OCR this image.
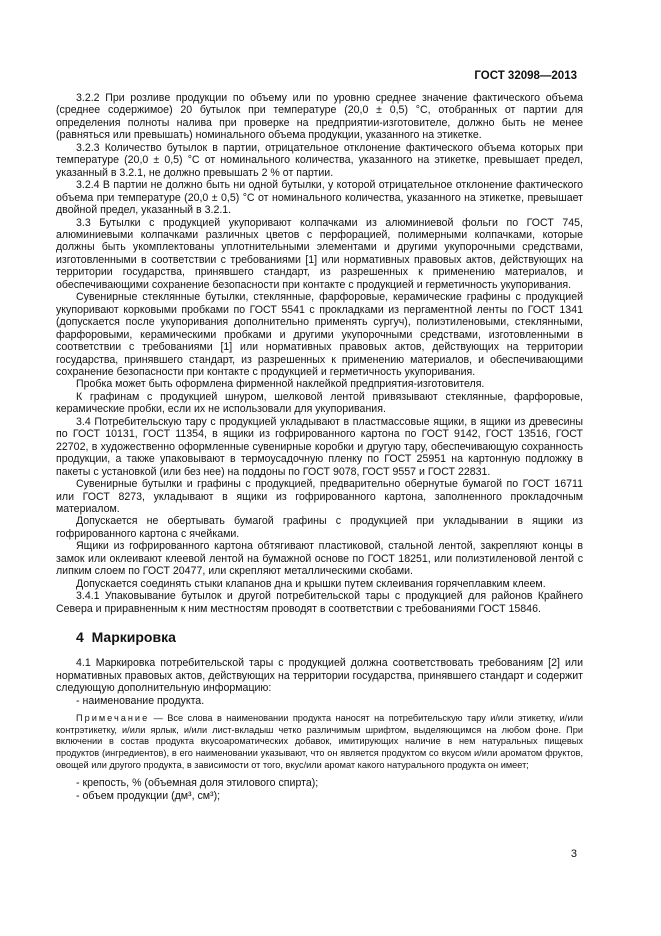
ГОСТ 32098—2013

3.2.2 При розливе продукции по объему или по уровню среднее значение фактического объема (среднее содержимое) 20 бутылок при температуре (20,0 ± 0,5) °С, отобранных от партии для определения полноты налива при проверке на предприятии-изготовителе, должно быть не менее (равняться или превышать) номинального объема продукции, указанного на этикетке.

3.2.3 Количество бутылок в партии, отрицательное отклонение фактического объема которых при температуре (20,0 ± 0,5) °С от номинального количества, указанного на этикетке, превышает предел, указанный в 3.2.1, не должно превышать 2 % от партии.

3.2.4 В партии не должно быть ни одной бутылки, у которой отрицательное отклонение фактического объема при температуре (20,0 ± 0,5) °С от номинального количества, указанного на этикетке, превышает двойной предел, указанный в 3.2.1.

3.3 Бутылки с продукцией укупоривают колпачками из алюминиевой фольги по ГОСТ 745, алюминиевыми колпачками различных цветов с перфорацией, полимерными колпачками, которые должны быть укомплектованы уплотнительными элементами и другими укупорочными средствами, изготовленными в соответствии с требованиями [1] или нормативных правовых актов, действующих на территории государства, принявшего стандарт, из разрешенных к применению материалов, и обеспечивающими сохранение безопасности при контакте с продукцией и герметичность укупоривания.

Сувенирные стеклянные бутылки, стеклянные, фарфоровые, керамические графины с продукцией укупоривают корковыми пробками по ГОСТ 5541 с прокладками из пергаментной ленты по ГОСТ 1341 (допускается после укупоривания дополнительно применять сургуч), полиэтиленовыми, стеклянными, фарфоровыми, керамическими пробками и другими укупорочными средствами, изготовленными в соответствии с требованиями [1] или нормативных правовых актов, действующих на территории государства, принявшего стандарт, из разрешенных к применению материалов, и обеспечивающими сохранение безопасности при контакте с продукцией и герметичность укупоривания.

Пробка может быть оформлена фирменной наклейкой предприятия-изготовителя.

К графинам с продукцией шнуром, шелковой лентой привязывают стеклянные, фарфоровые, керамические пробки, если их не использовали для укупоривания.

3.4 Потребительскую тару с продукцией укладывают в пластмассовые ящики, в ящики из древесины по ГОСТ 10131, ГОСТ 11354, в ящики из гофрированного картона по ГОСТ 9142, ГОСТ 13516, ГОСТ 22702, в художественно оформленные сувенирные коробки и другую тару, обеспечивающую сохранность продукции, а также упаковывают в термоусадочную пленку по ГОСТ 25951 на картонную подложку в пакеты с установкой (или без нее) на поддоны по ГОСТ 9078, ГОСТ 9557 и ГОСТ 22831.

Сувенирные бутылки и графины с продукцией, предварительно обернутые бумагой по ГОСТ 16711 или ГОСТ 8273, укладывают в ящики из гофрированного картона, заполненного прокладочным материалом.

Допускается не обертывать бумагой графины с продукцией при укладывании в ящики из гофрированного картона с ячейками.

Ящики из гофрированного картона обтягивают пластиковой, стальной лентой, закрепляют концы в замок или оклеивают клеевой лентой на бумажной основе по ГОСТ 18251, или полиэтиленовой лентой с липким слоем по ГОСТ 20477, или скрепляют металлическими скобами.

Допускается соединять стыки клапанов дна и крышки путем склеивания горячеплавким клеем.

3.4.1 Упаковывание бутылок и другой потребительской тары с продукцией для районов Крайнего Севера и приравненным к ним местностям проводят в соответствии с требованиями ГОСТ 15846.

4 Маркировка

4.1 Маркировка потребительской тары с продукцией должна соответствовать требованиям [2] или нормативных правовых актов, действующих на территории государства, принявшего стандарт и содержит следующую дополнительную информацию:

- наименование продукта.

Примечание — Все слова в наименовании продукта наносят на потребительскую тару и/или этикетку, и/или контрэтикетку, и/или ярлык, и/или лист-вкладыш четко различимым шрифтом, выделяющимся на любом фоне. При включении в состав продукта вкусоароматических добавок, имитирующих наличие в нем натуральных пищевых продуктов (ингредиентов), в его наименовании указывают, что он является продуктом со вкусом и/или ароматом фруктов, овощей или другого продукта, в зависимости от того, вкус/или аромат какого натурального продукта он имеет;

- крепость, % (объемная доля этилового спирта);

- объем продукции (дм³, см³);

3
